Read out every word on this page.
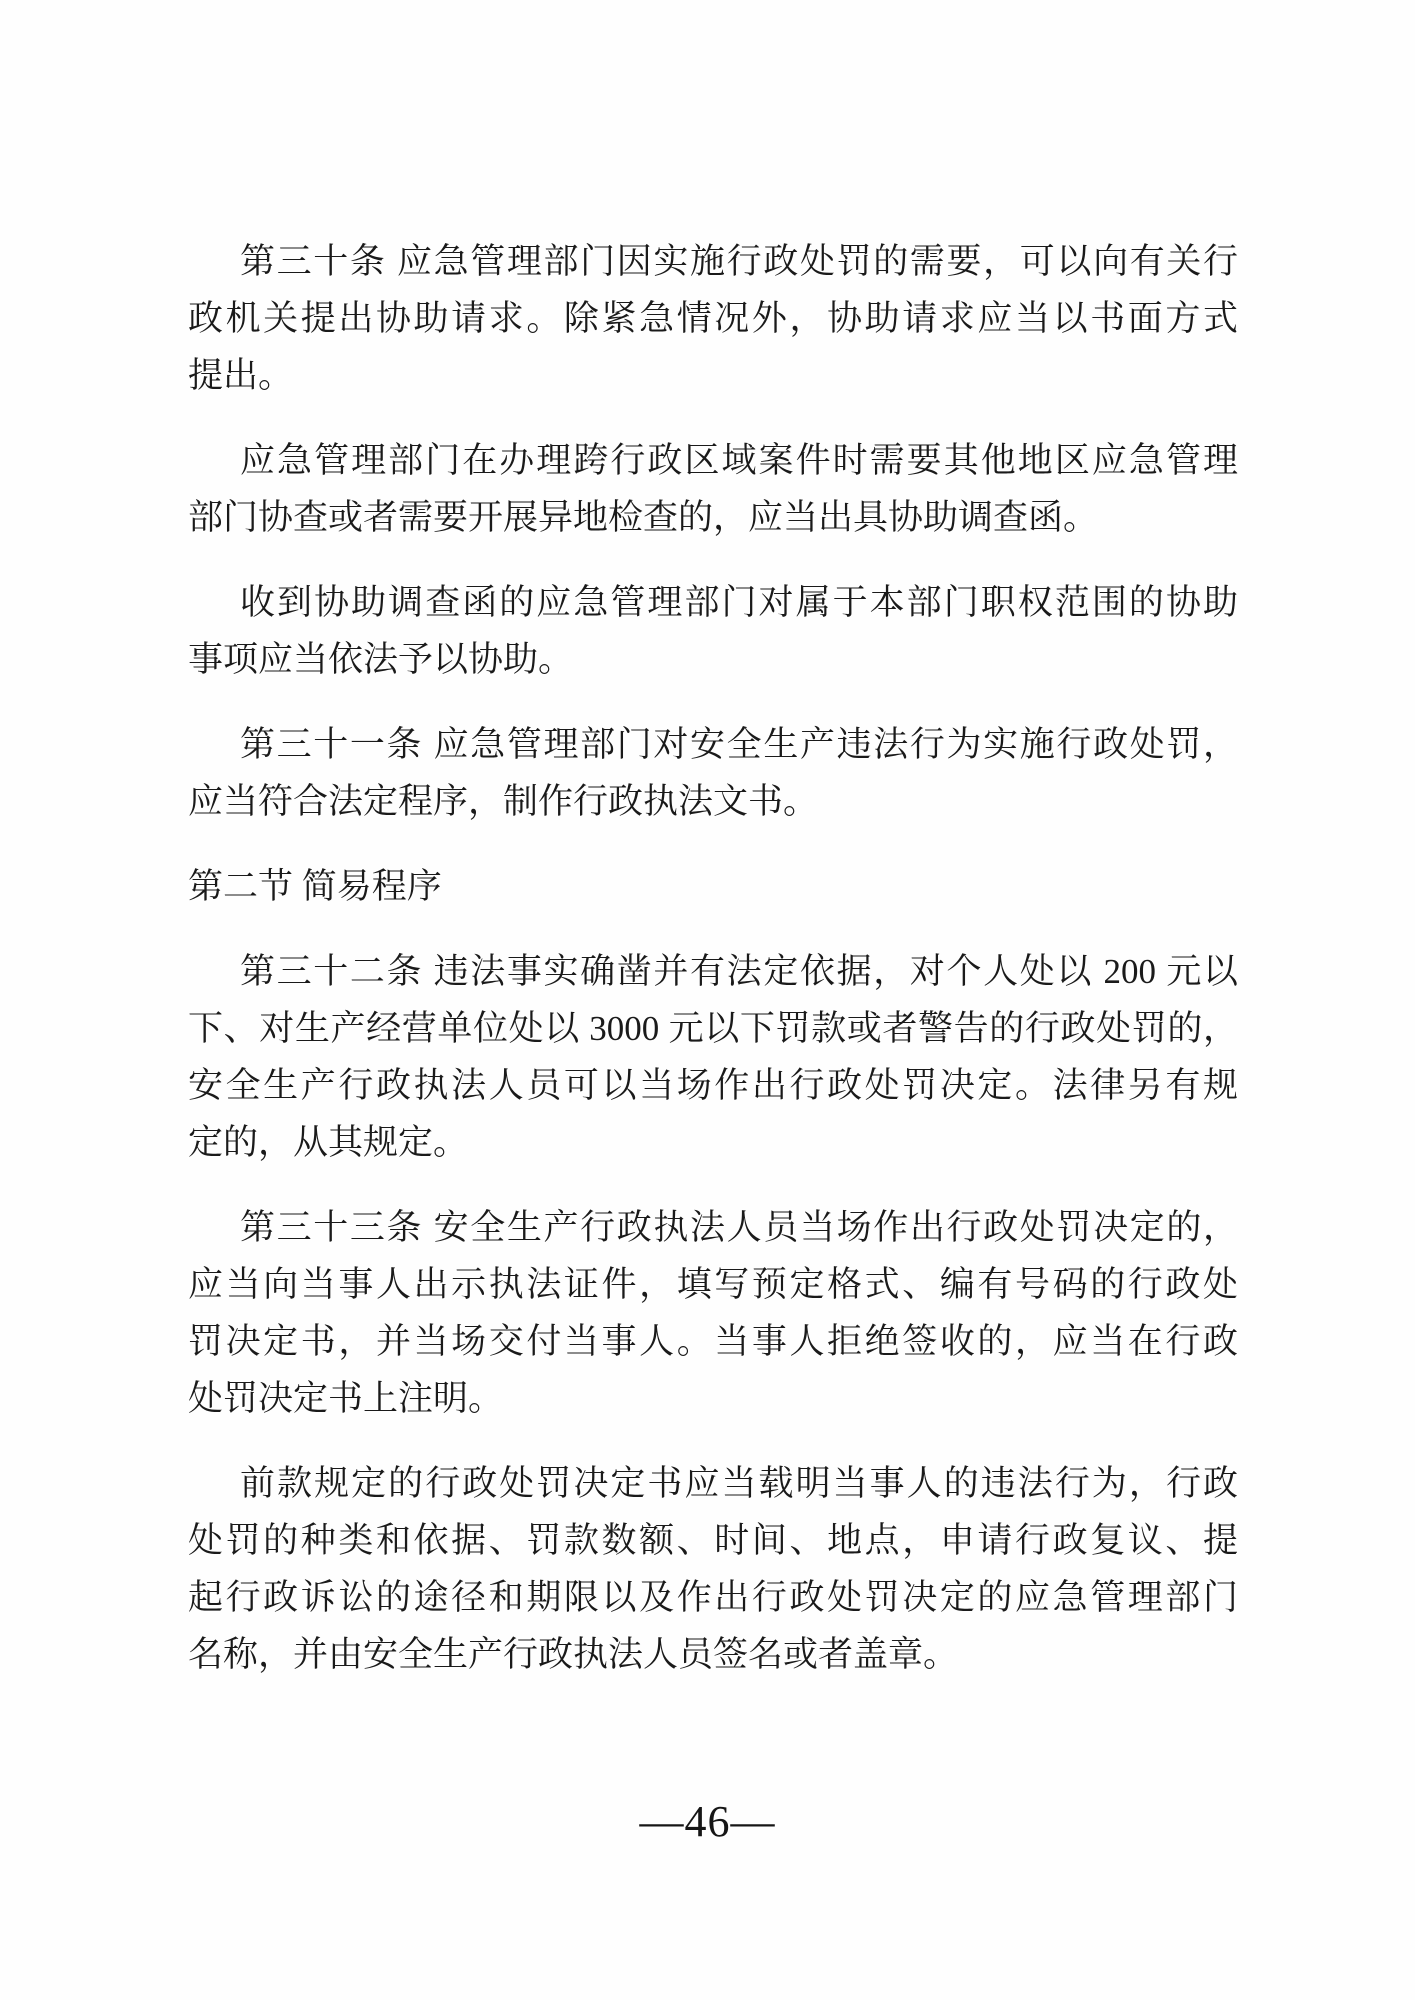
第三十条 应急管理部门因实施行政处罚的需要，可以向有关行
政机关提出协助请求。除紧急情况外，协助请求应当以书面方式
提出。
应急管理部门在办理跨行政区域案件时需要其他地区应急管理
部门协查或者需要开展异地检查的，应当出具协助调查函。
收到协助调查函的应急管理部门对属于本部门职权范围的协助
事项应当依法予以协助。
第三十一条 应急管理部门对安全生产违法行为实施行政处罚，
应当符合法定程序，制作行政执法文书。
第二节 简易程序
第三十二条 违法事实确凿并有法定依据，对个人处以 200 元以
下、对生产经营单位处以 3000 元以下罚款或者警告的行政处罚的，
安全生产行政执法人员可以当场作出行政处罚决定。法律另有规
定的，从其规定。
第三十三条 安全生产行政执法人员当场作出行政处罚决定的，
应当向当事人出示执法证件，填写预定格式、编有号码的行政处
罚决定书，并当场交付当事人。当事人拒绝签收的，应当在行政
处罚决定书上注明。
前款规定的行政处罚决定书应当载明当事人的违法行为，行政
处罚的种类和依据、罚款数额、时间、地点，申请行政复议、提
起行政诉讼的途径和期限以及作出行政处罚决定的应急管理部门
名称，并由安全生产行政执法人员签名或者盖章。
—46—
